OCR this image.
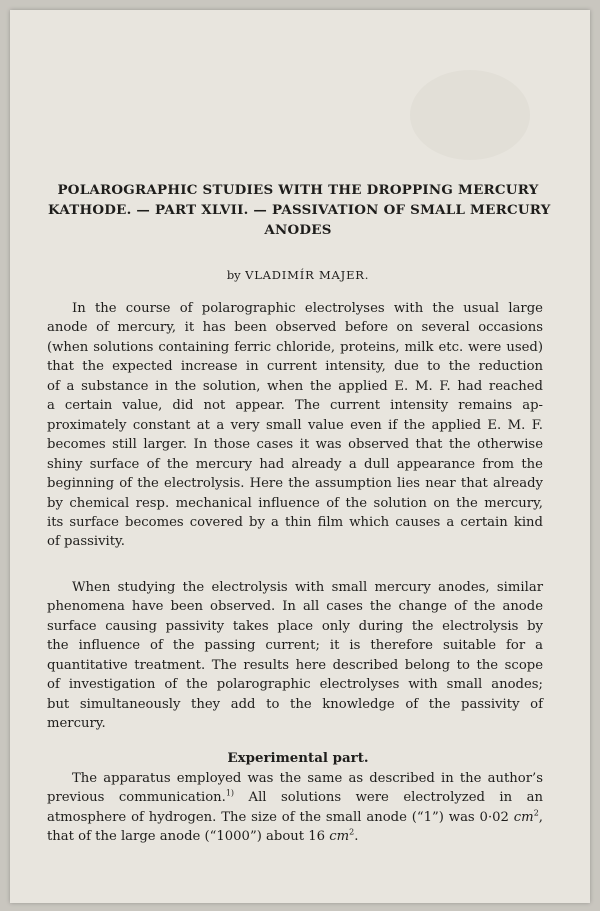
POLAROGRAPHIC STUDIES WITH THE DROPPING MERCURY
KATHODE. — PART XLVII. — PASSIVATION OF SMALL MERCURY
ANODES
by VLADIMÍR MAJER.
In the course of polarographic electrolyses with the usual large
anode of mercury, it has been observed before on several occasions
(when solutions containing ferric chloride, proteins, milk etc. were used)
that the expected increase in current intensity, due to the reduction
of a substance in the solution, when the applied E. M. F. had reached
a certain value, did not appear. The current intensity remains ap-
proximately constant at a very small value even if the applied E. M. F.
becomes still larger. In those cases it was observed that the otherwise
shiny surface of the mercury had already a dull appearance from the
beginning of the electrolysis. Here the assumption lies near that already
by chemical resp. mechanical influence of the solution on the mercury,
its surface becomes covered by a thin film which causes a certain kind
of passivity.
When studying the electrolysis with small mercury anodes, similar
phenomena have been observed. In all cases the change of the anode
surface causing passivity takes place only during the electrolysis by
the influence of the passing current; it is therefore suitable for a
quantitative treatment. The results here described belong to the scope
of investigation of the polarographic electrolyses with small anodes;
but simultaneously they add to the knowledge of the passivity of
mercury.
Experimental part.
The apparatus employed was the same as described in the author’s
previous communication.$^{1)}$ All solutions were electrolyzed in an
atmosphere of hydrogen. The size of the small anode (“1”) was 0·02 $cm^2$,
that of the large anode (“1000”) about 16 $cm^2$.
